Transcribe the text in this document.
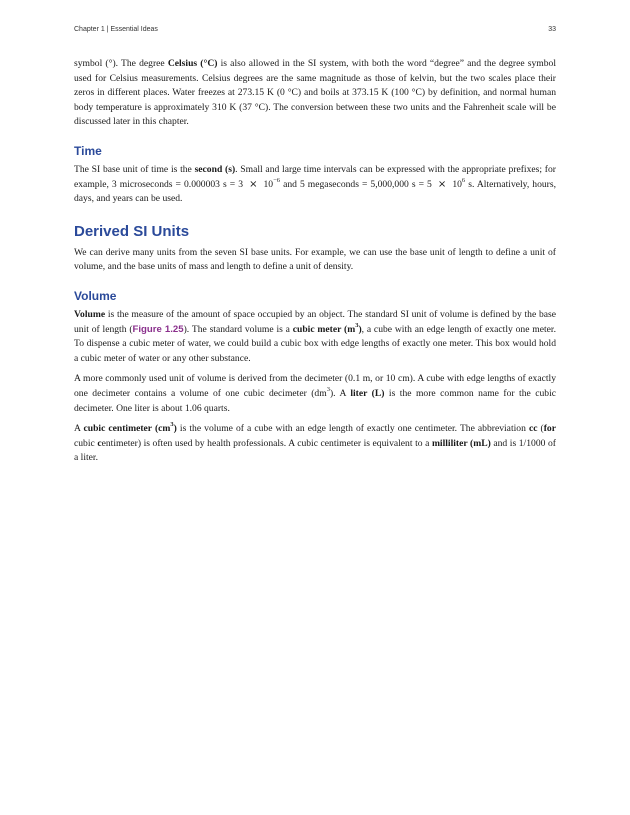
Chapter 1 | Essential Ideas	33

symbol (°). The degree Celsius (°C) is also allowed in the SI system, with both the word “degree” and the degree symbol used for Celsius measurements. Celsius degrees are the same magnitude as those of kelvin, but the two scales place their zeros in different places. Water freezes at 273.15 K (0 °C) and boils at 373.15 K (100 °C) by definition, and normal human body temperature is approximately 310 K (37 °C). The conversion between these two units and the Fahrenheit scale will be discussed later in this chapter.

Time

The SI base unit of time is the second (s). Small and large time intervals can be expressed with the appropriate prefixes; for example, 3 microseconds = 0.000003 $s = 3 \times 10^{-6}$ and 5 megaseconds = 5,000,000 $s = 5 \times 10^6$ s. Alternatively, hours, days, and years can be used.

Derived SI Units

We can derive many units from the seven SI base units. For example, we can use the base unit of length to define a unit of volume, and the base units of mass and length to define a unit of density.

Volume

Volume is the measure of the amount of space occupied by an object. The standard SI unit of volume is defined by the base unit of length (Figure 1.25). The standard volume is a cubic meter $(m^3)$, a cube with an edge length of exactly one meter. To dispense a cubic meter of water, we could build a cubic box with edge lengths of exactly one meter. This box would hold a cubic meter of water or any other substance.

A more commonly used unit of volume is derived from the decimeter (0.1 m, or 10 cm). A cube with edge lengths of exactly one decimeter contains a volume of one cubic decimeter $(dm^3)$. A liter (L) is the more common name for the cubic decimeter. One liter is about 1.06 quarts.

A cubic centimeter $(cm^3)$ is the volume of a cube with an edge length of exactly one centimeter. The abbreviation cc (for cubic centimeter) is often used by health professionals. A cubic centimeter is equivalent to a milliliter (mL) and is 1/1000 of a liter.
